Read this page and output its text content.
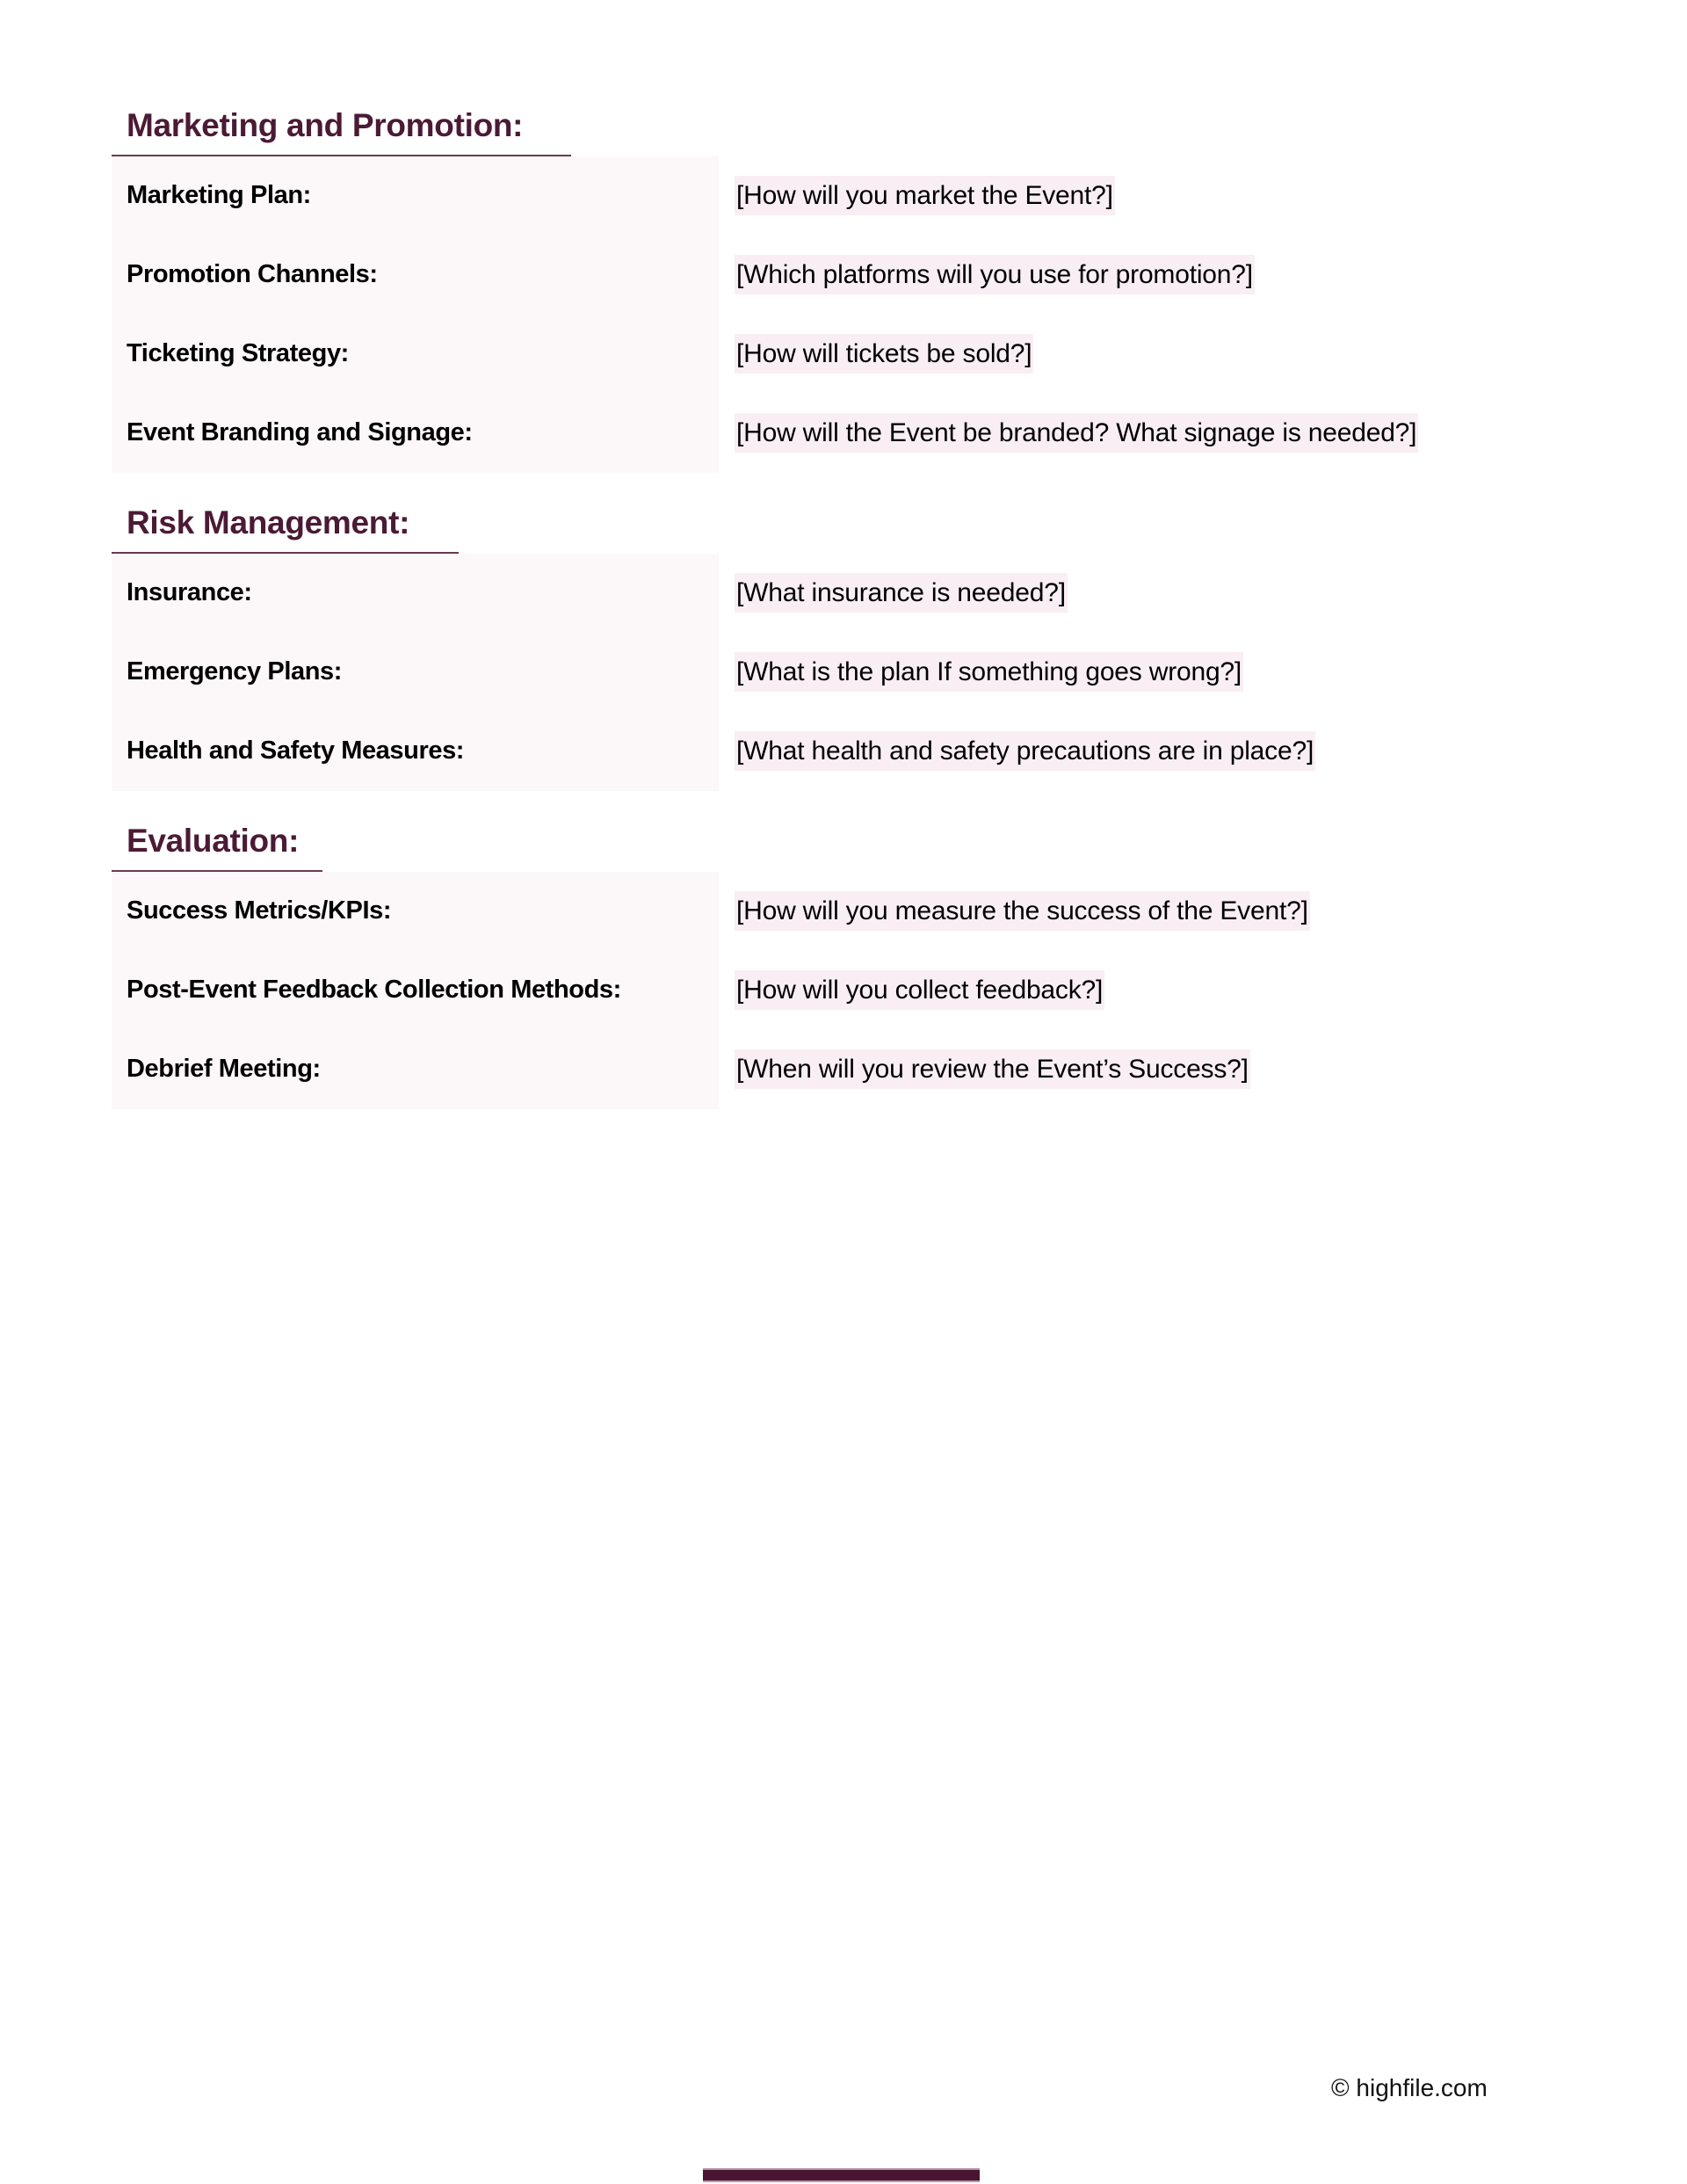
Marketing and Promotion:
Marketing Plan:	[How will you market the Event?]
Promotion Channels:	[Which platforms will you use for promotion?]
Ticketing Strategy:	[How will tickets be sold?]
Event Branding and Signage:	[How will the Event be branded? What signage is needed?]
Risk Management:
Insurance:	[What insurance is needed?]
Emergency Plans:	[What is the plan If something goes wrong?]
Health and Safety Measures:	[What health and safety precautions are in place?]
Evaluation:
Success Metrics/KPIs:	[How will you measure the success of the Event?]
Post-Event Feedback Collection Methods:	[How will you collect feedback?]
Debrief Meeting:	[When will you review the Event’s Success?]
© highfile.com
